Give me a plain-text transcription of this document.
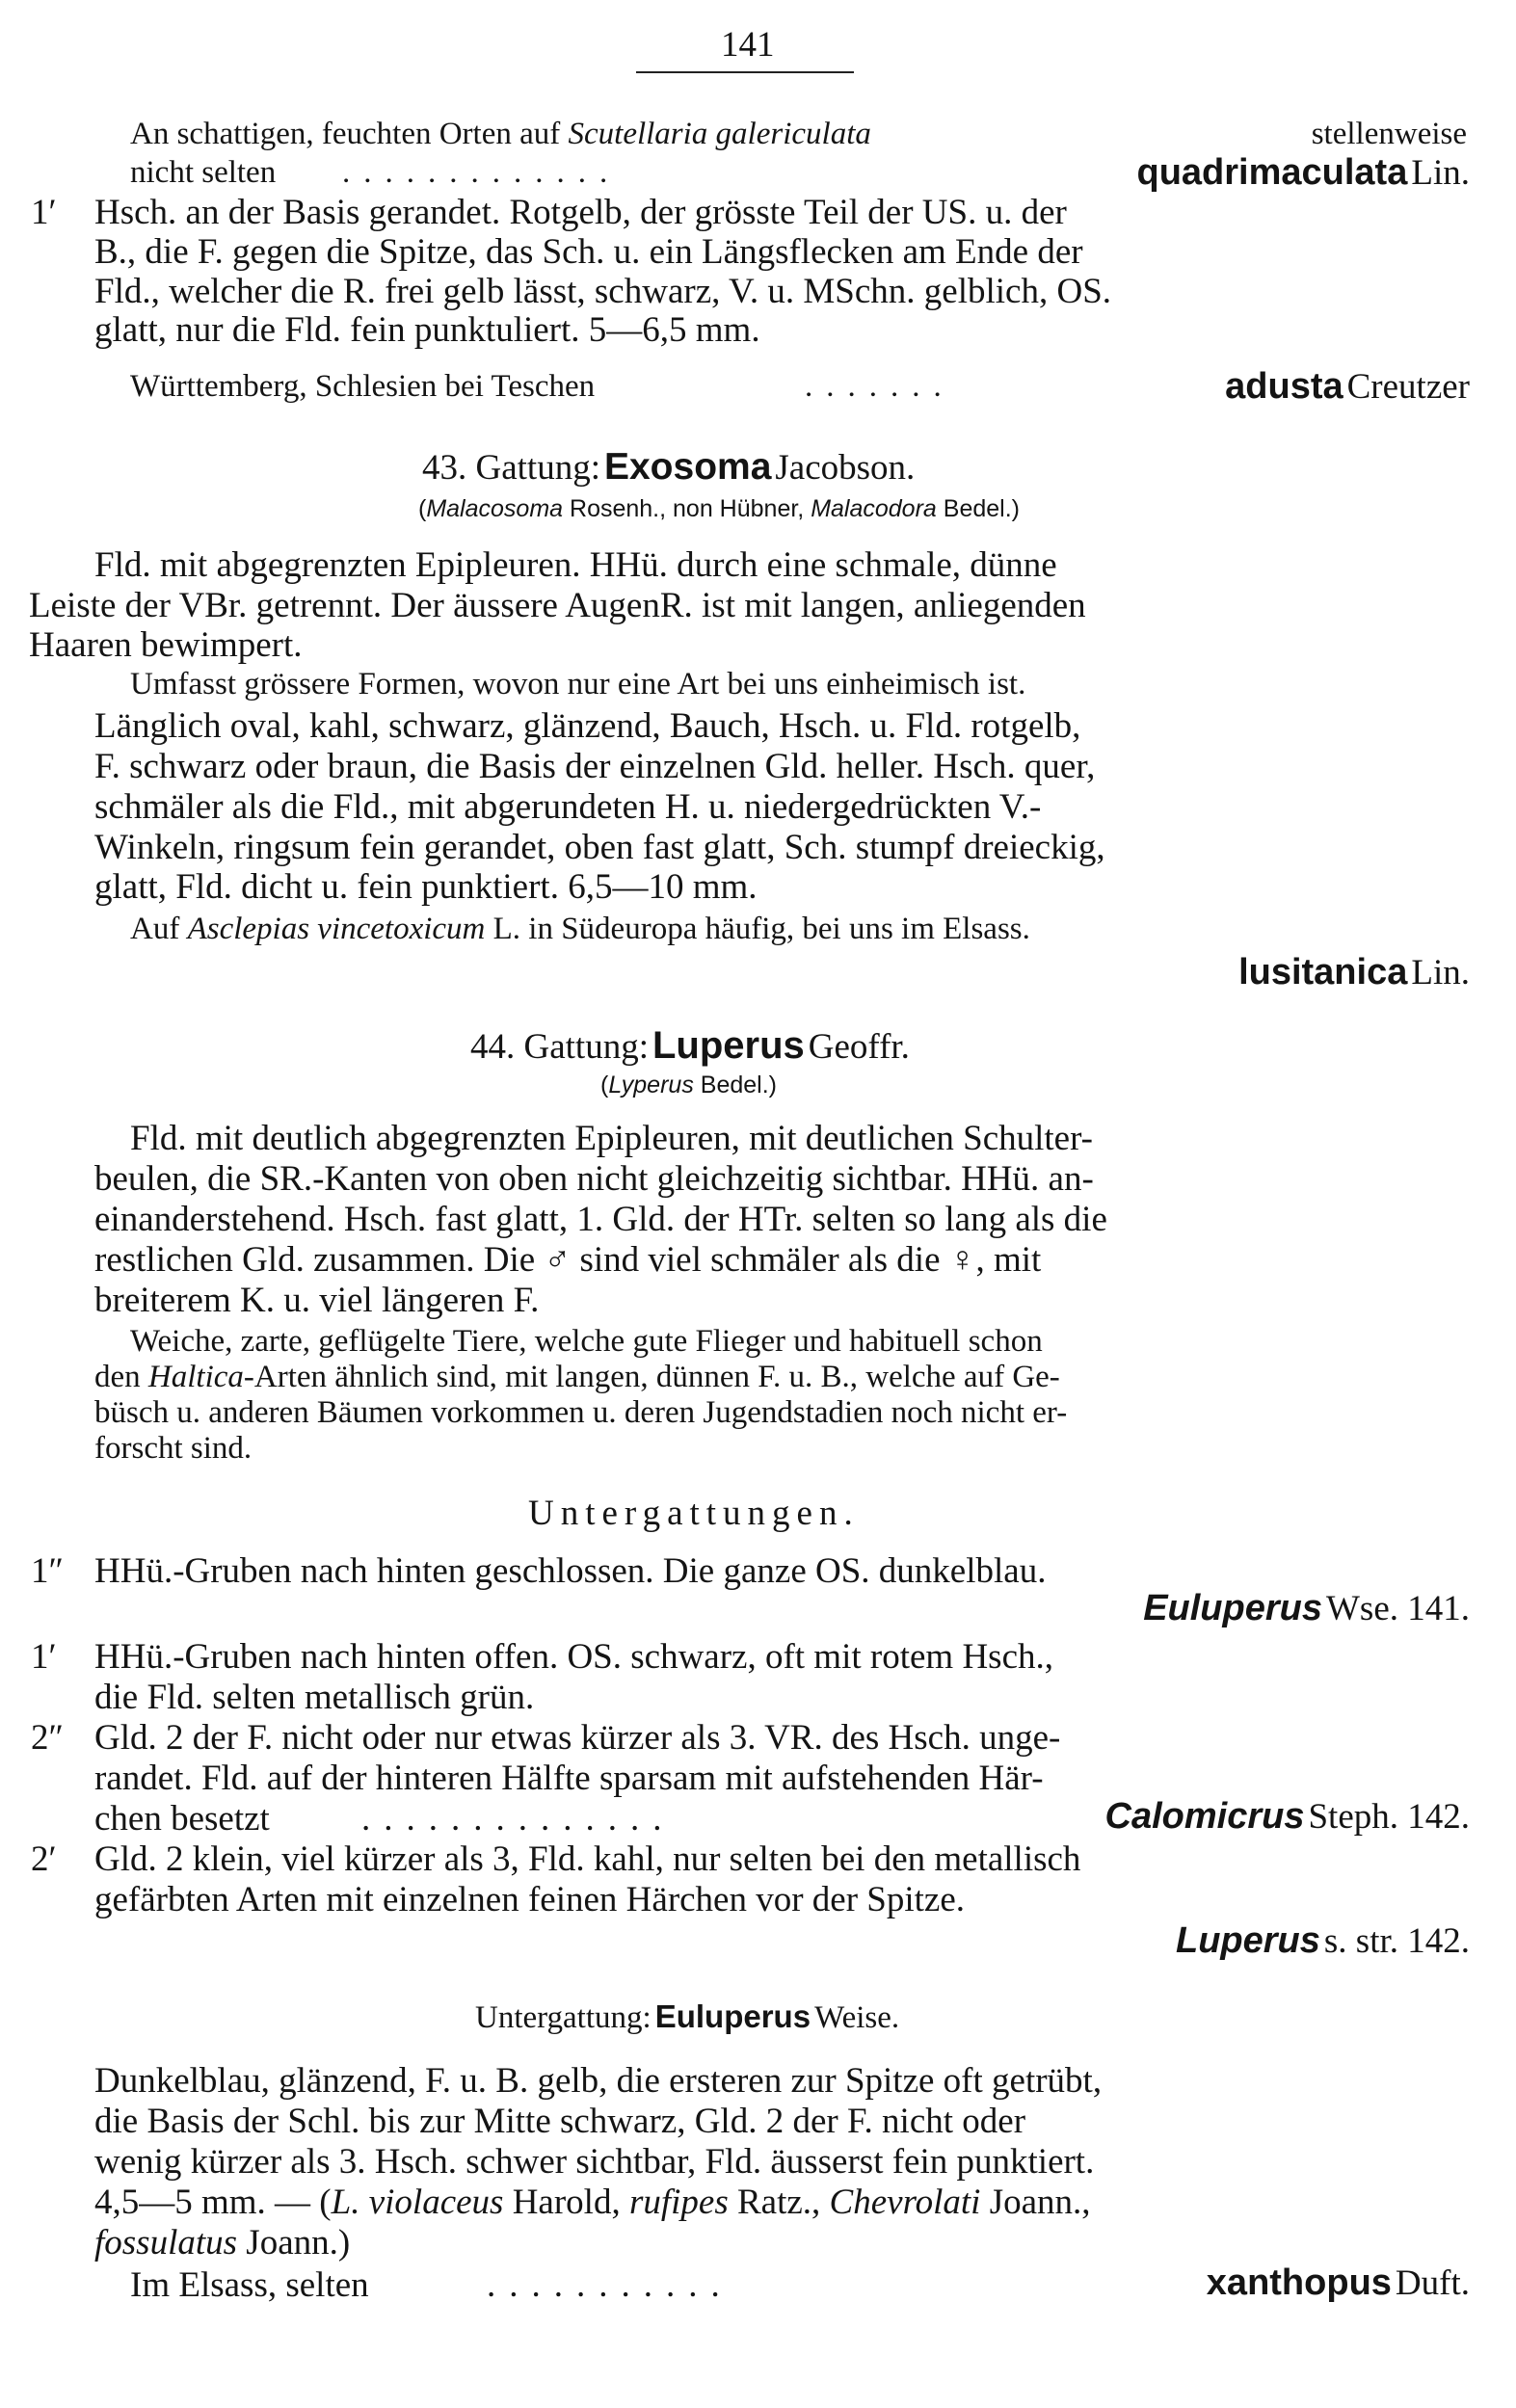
141
An schattigen, feuchten Orten auf Scutellaria galericulata	stellenweise
nicht selten .............	quadrimaculata Lin.
1′ Hsch. an der Basis gerandet. Rotgelb, der grösste Teil der US. u. der
B., die F. gegen die Spitze, das Sch. u. ein Längsflecken am Ende der
Fld., welcher die R. frei gelb lässt, schwarz, V. u. MSchn. gelblich, OS.
glatt, nur die Fld. fein punktuliert. 5—6,5 mm.
Württemberg, Schlesien bei Teschen	.......	adusta Creutzer
43. Gattung: Exosoma Jacobson.
(Malacosoma Rosenh., non Hübner, Malacodora Bedel.)
Fld. mit abgegrenzten Epipleuren. HHü. durch eine schmale, dünne
Leiste der VBr. getrennt. Der äussere AugenR. ist mit langen, anliegenden
Haaren bewimpert.
Umfasst grössere Formen, wovon nur eine Art bei uns einheimisch ist.
Länglich oval, kahl, schwarz, glänzend, Bauch, Hsch. u. Fld. rotgelb,
F. schwarz oder braun, die Basis der einzelnen Gld. heller. Hsch. quer,
schmäler als die Fld., mit abgerundeten H. u. niedergedrückten V.-
Winkeln, ringsum fein gerandet, oben fast glatt, Sch. stumpf dreieckig,
glatt, Fld. dicht u. fein punktiert. 6,5—10 mm.
Auf Asclepias vincetoxicum L. in Südeuropa häufig, bei uns im Elsass.
lusitanica Lin.
44. Gattung: Luperus Geoffr.
(Lyperus Bedel.)
Fld. mit deutlich abgegrenzten Epipleuren, mit deutlichen Schulter-
beulen, die SR.-Kanten von oben nicht gleichzeitig sichtbar. HHü. an-
einanderstehend. Hsch. fast glatt, 1. Gld. der HTr. selten so lang als die
restlichen Gld. zusammen. Die ♂ sind viel schmäler als die ♀, mit
breiterem K. u. viel längeren F.
Weiche, zarte, geflügelte Tiere, welche gute Flieger und habituell schon
den Haltica-Arten ähnlich sind, mit langen, dünnen F. u. B., welche auf Ge-
büsch u. anderen Bäumen vorkommen u. deren Jugendstadien noch nicht er-
forscht sind.
Untergattungen.
1″ HHü.-Gruben nach hinten geschlossen. Die ganze OS. dunkelblau.
Euluperus Wse. 141.
1′ HHü.-Gruben nach hinten offen. OS. schwarz, oft mit rotem Hsch.,
die Fld. selten metallisch grün.
2″ Gld. 2 der F. nicht oder nur etwas kürzer als 3. VR. des Hsch. unge-
randet. Fld. auf der hinteren Hälfte sparsam mit aufstehenden Här-
chen besetzt	..............	Calomicrus Steph. 142.
2′ Gld. 2 klein, viel kürzer als 3, Fld. kahl, nur selten bei den metallisch
gefärbten Arten mit einzelnen feinen Härchen vor der Spitze.
Luperus s. str. 142.
Untergattung: Euluperus Weise.
Dunkelblau, glänzend, F. u. B. gelb, die ersteren zur Spitze oft getrübt,
die Basis der Schl. bis zur Mitte schwarz, Gld. 2 der F. nicht oder
wenig kürzer als 3. Hsch. schwer sichtbar, Fld. äusserst fein punktiert.
4,5—5 mm. — (L. violaceus Harold, rufipes Ratz., Chevrolati Joann.,
fossulatus Joann.)
Im Elsass, selten	...........	xanthopus Duft.
